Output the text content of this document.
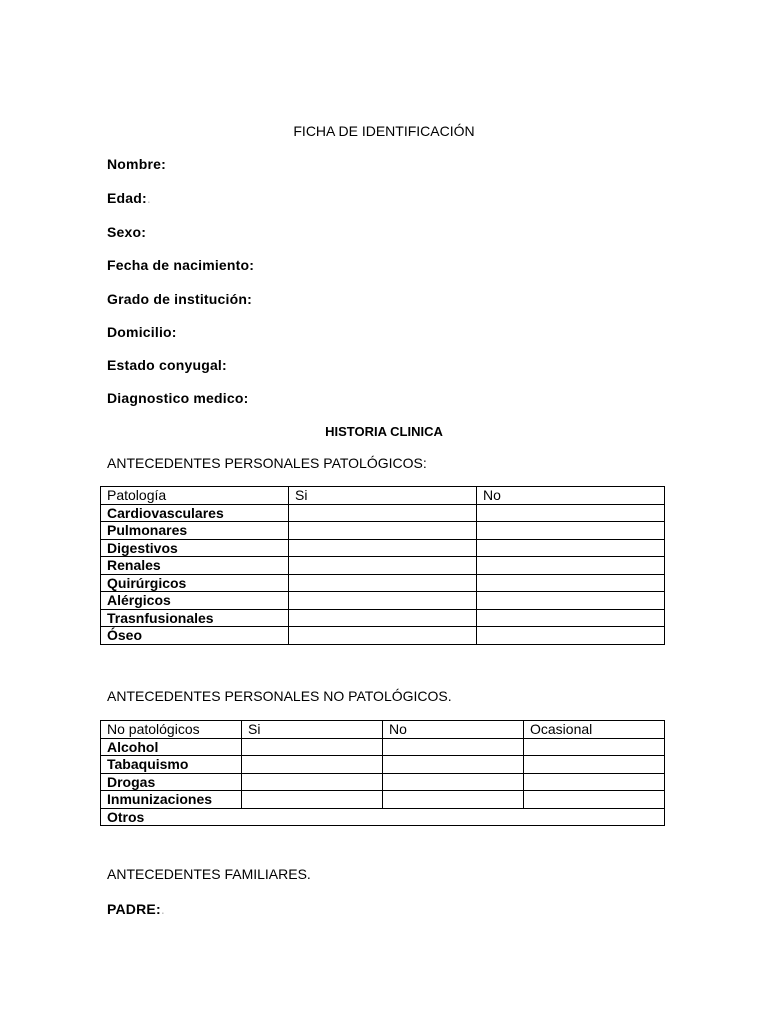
FICHA DE IDENTIFICACIÓN
Nombre:
Edad:.
Sexo:
Fecha de nacimiento:
Grado de institución:
Domicilio:
Estado conyugal:
Diagnostico medico:
HISTORIA CLINICA
ANTECEDENTES PERSONALES PATOLÓGICOS:
Patología	Si	No
Cardiovasculares		
Pulmonares		
Digestivos		
Renales		
Quirúrgicos		
Alérgicos		
Trasnfusionales		
Óseo		
ANTECEDENTES PERSONALES NO PATOLÓGICOS.
No patológicos	Si	No	Ocasional
Alcohol			
Tabaquismo			
Drogas			
Inmunizaciones			
Otros			
ANTECEDENTES FAMILIARES.
PADRE:.
